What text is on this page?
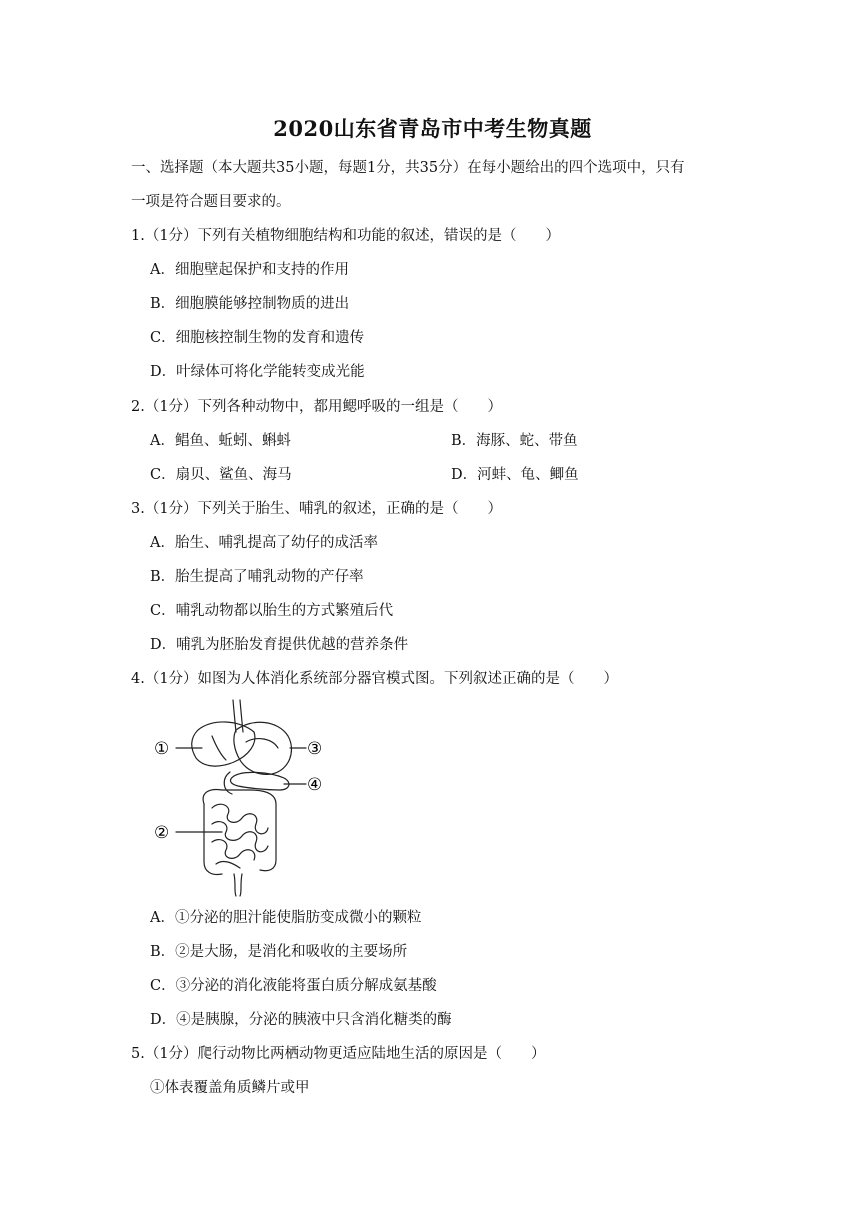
2020山东省青岛市中考生物真题
一、选择题（本大题共35小题，每题1分，共35分）在每小题给出的四个选项中，只有
一项是符合题目要求的。
1.（1分）下列有关植物细胞结构和功能的叙述，错误的是（　　）
A．细胞壁起保护和支持的作用
B．细胞膜能够控制物质的进出
C．细胞核控制生物的发育和遗传
D．叶绿体可将化学能转变成光能
2.（1分）下列各种动物中，都用鳃呼吸的一组是（　　）
A．鲳鱼、蚯蚓、蝌蚪	B．海豚、蛇、带鱼
C．扇贝、鲨鱼、海马	D．河蚌、龟、鲫鱼
3.（1分）下列关于胎生、哺乳的叙述，正确的是（　　）
A．胎生、哺乳提高了幼仔的成活率
B．胎生提高了哺乳动物的产仔率
C．哺乳动物都以胎生的方式繁殖后代
D．哺乳为胚胎发育提供优越的营养条件
4.（1分）如图为人体消化系统部分器官模式图。下列叙述正确的是（　　）
①
②
③
④
A．①分泌的胆汁能使脂肪变成微小的颗粒
B．②是大肠，是消化和吸收的主要场所
C．③分泌的消化液能将蛋白质分解成氨基酸
D．④是胰腺，分泌的胰液中只含消化糖类的酶
5.（1分）爬行动物比两栖动物更适应陆地生活的原因是（　　）
①体表覆盖角质鳞片或甲
